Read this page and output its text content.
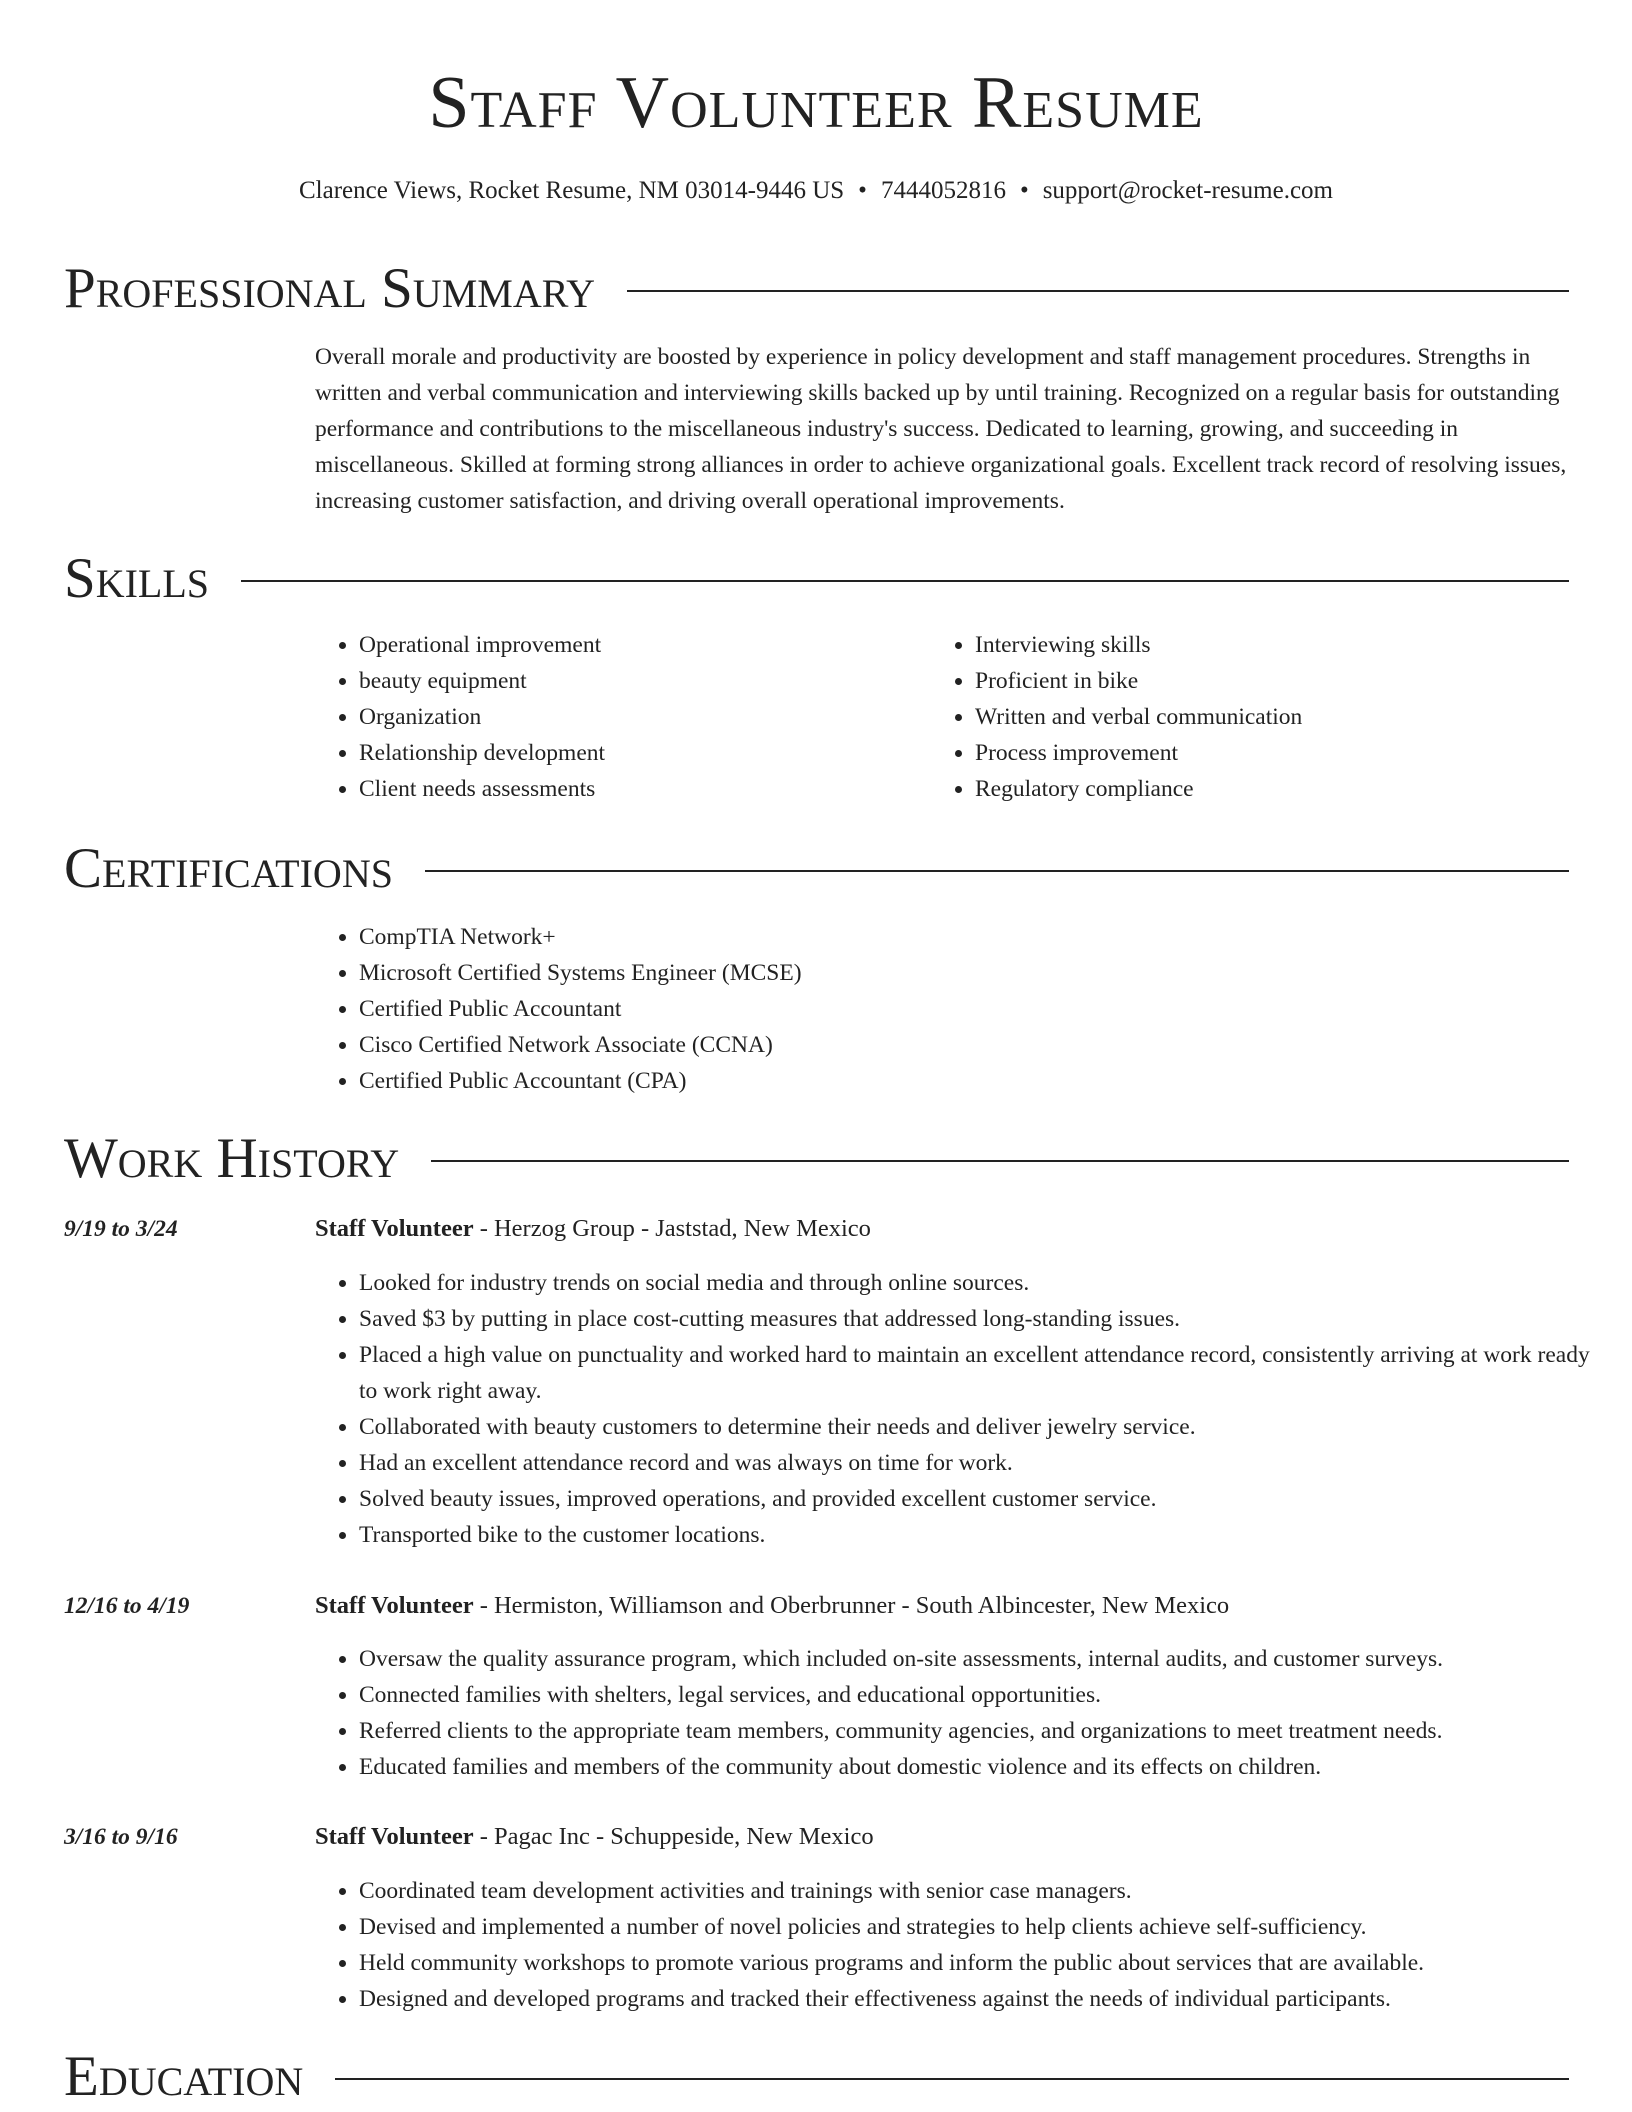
Staff Volunteer Resume
Clarence Views, Rocket Resume, NM 03014-9446 US • 7444052816 • support@rocket-resume.com
Professional Summary

Overall morale and productivity are boosted by experience in policy development and staff management procedures. Strengths in written and verbal communication and interviewing skills backed up by until training. Recognized on a regular basis for outstanding performance and contributions to the miscellaneous industry's success. Dedicated to learning, growing, and succeeding in miscellaneous. Skilled at forming strong alliances in order to achieve organizational goals. Excellent track record of resolving issues, increasing customer satisfaction, and driving overall operational improvements.

Skills
• Operational improvement
• beauty equipment
• Organization
• Relationship development
• Client needs assessments
• Interviewing skills
• Proficient in bike
• Written and verbal communication
• Process improvement
• Regulatory compliance
Certifications
• CompTIA Network+
• Microsoft Certified Systems Engineer (MCSE)
• Certified Public Accountant
• Cisco Certified Network Associate (CCNA)
• Certified Public Accountant (CPA)
Work History
9/19 to 3/24	Staff Volunteer - Herzog Group - Jaststad, New Mexico
• Looked for industry trends on social media and through online sources.
• Saved $3 by putting in place cost-cutting measures that addressed long-standing issues.
• Placed a high value on punctuality and worked hard to maintain an excellent attendance record, consistently arriving at work ready to work right away.
• Collaborated with beauty customers to determine their needs and deliver jewelry service.
• Had an excellent attendance record and was always on time for work.
• Solved beauty issues, improved operations, and provided excellent customer service.
• Transported bike to the customer locations.
12/16 to 4/19	Staff Volunteer - Hermiston, Williamson and Oberbrunner - South Albincester, New Mexico
• Oversaw the quality assurance program, which included on-site assessments, internal audits, and customer surveys.
• Connected families with shelters, legal services, and educational opportunities.
• Referred clients to the appropriate team members, community agencies, and organizations to meet treatment needs.
• Educated families and members of the community about domestic violence and its effects on children.
3/16 to 9/16	Staff Volunteer - Pagac Inc - Schuppeside, New Mexico
• Coordinated team development activities and trainings with senior case managers.
• Devised and implemented a number of novel policies and strategies to help clients achieve self-sufficiency.
• Held community workshops to promote various programs and inform the public about services that are available.
• Designed and developed programs and tracked their effectiveness against the needs of individual participants.
Education
